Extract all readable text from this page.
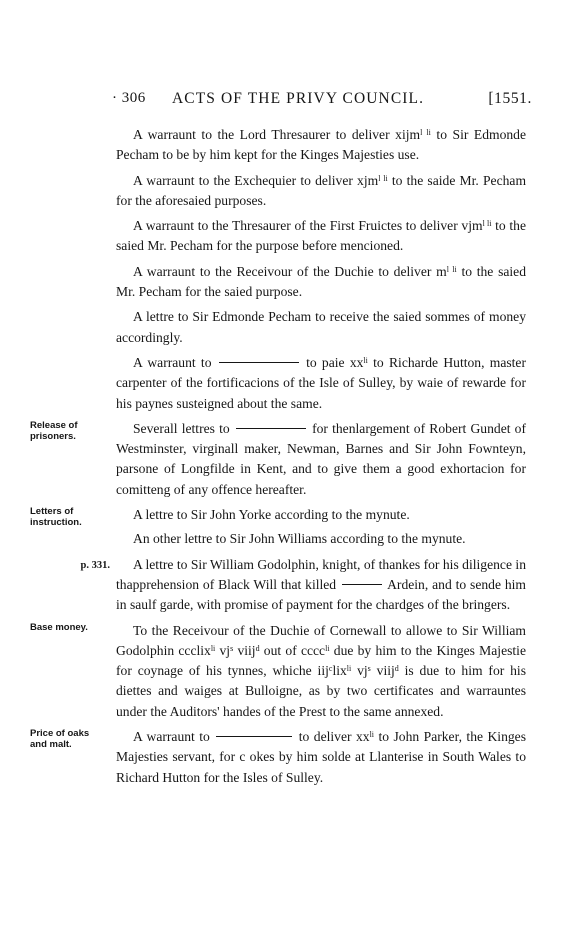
· 306 ACTS OF THE PRIVY COUNCIL.	[1551.

A warraunt to the Lord Thresaurer to deliver xijm$^{l li}$ to Sir Edmonde Pecham to be by him kept for the Kinges Majesties use.

A warraunt to the Exchequier to deliver xjm$^{l li}$ to the saide Mr. Pecham for the aforesaied purposes.

A warraunt to the Thresaurer of the First Fruictes to deliver vjm$^{l li}$ to the saied Mr. Pecham for the purpose before mencioned.

A warraunt to the Receivour of the Duchie to deliver $m^{l li}$ to the saied Mr. Pecham for the saied purpose.

A lettre to Sir Edmonde Pecham to receive the saied sommes of money accordingly.

A warraunt to	to paie $xx^{li}$ to Richarde Hutton, master carpenter of the fortificacions of the Isle of Sulley, by waie of rewarde for his paynes susteigned about the same.

Release of prisoners.
Severall lettres to	for thenlargement of Robert Gundet of Westminster, virginall maker, Newman, Barnes and Sir John Fownteyn, parsone of Longfilde in Kent, and to give them a good exhortacion for comitteng of any offence hereafter.

Letters of instruction.
A lettre to Sir John Yorke according to the mynute.

An other lettre to Sir John Williams according to the mynute.

p. 331. A lettre to Sir William Godolphin, knight, of thankes for his diligence in thapprehension of Black Will that killed	Ardein, and to sende him in saulf garde, with promise of payment for the chardges of the bringers.

Base money.	To the Receivour of the Duchie of Cornewall to allowe to Sir William Godolphin ccclix$^{li}$ $vj^s$ viij$^d$ out of cccc$^{li}$ due by him to the Kinges Majestie for coynage of his tynnes, whiche iij$^c$lix$^{li}$ $vj^s$ viij$^d$ is due to him for his diettes and waiges at Bulloigne, as by two certificates and warrauntes under the Auditors' handes of the Prest to the same annexed.

Price of oaks and malt.
A warraunt to	to deliver $xx^{li}$ to John Parker, the Kinges Majesties servant, for c okes by him solde at Llanterise in South Wales to Richard Hutton for the Isles of Sulley.
